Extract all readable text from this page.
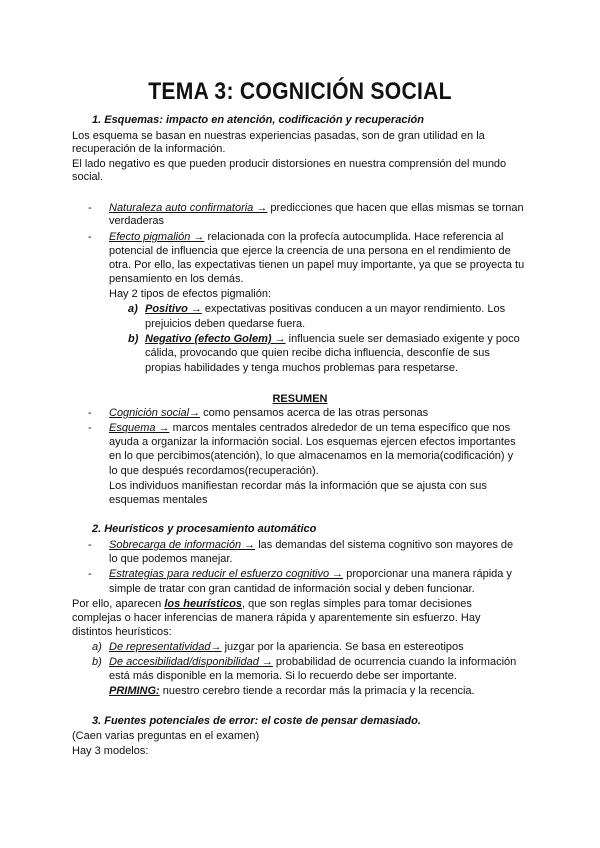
TEMA 3: COGNICIÓN SOCIAL
1. Esquemas: impacto en atención, codificación y recuperación
Los esquema se basan en nuestras experiencias pasadas, son de gran utilidad en la
recuperación de la información.
El lado negativo es que pueden producir distorsiones en nuestra comprensión del mundo
social.
- Naturaleza auto confirmatoria → predicciones que hacen que ellas mismas se tornan
verdaderas
- Efecto pigmalión → relacionada con la profecía autocumplida. Hace referencia al
potencial de influencia que ejerce la creencia de una persona en el rendimiento de
otra. Por ello, las expectativas tienen un papel muy importante, ya que se proyecta tu
pensamiento en los demás.
Hay 2 tipos de efectos pigmalión:
a) Positivo → expectativas positivas conducen a un mayor rendimiento. Los
prejuicios deben quedarse fuera.
b) Negativo (efecto Golem) → influencia suele ser demasiado exigente y poco
cálida, provocando que quien recibe dicha influencia, desconfíe de sus
propias habilidades y tenga muchos problemas para respetarse.
RESUMEN
- Cognición social→ como pensamos acerca de las otras personas
- Esquema → marcos mentales centrados alrededor de un tema específico que nos
ayuda a organizar la información social. Los esquemas ejercen efectos importantes
en lo que percibimos(atención), lo que almacenamos en la memoria(codificación) y
lo que después recordamos(recuperación).
Los individuos manifiestan recordar más la información que se ajusta con sus
esquemas mentales
2. Heurísticos y procesamiento automático
- Sobrecarga de información → las demandas del sistema cognitivo son mayores de
lo que podemos manejar.
- Estrategias para reducir el esfuerzo cognitivo → proporcionar una manera rápida y
simple de tratar con gran cantidad de información social y deben funcionar.
Por ello, aparecen los heurísticos, que son reglas simples para tomar decisiones
complejas o hacer inferencias de manera rápida y aparentemente sin esfuerzo. Hay
distintos heurísticos:
a) De representatividad→ juzgar por la apariencia. Se basa en estereotipos
b) De accesibilidad/disponibilidad → probabilidad de ocurrencia cuando la información
está más disponible en la memoria. Si lo recuerdo debe ser importante.
PRIMING: nuestro cerebro tiende a recordar más la primacía y la recencia.
3. Fuentes potenciales de error: el coste de pensar demasiado.
(Caen varias preguntas en el examen)
Hay 3 modelos:
